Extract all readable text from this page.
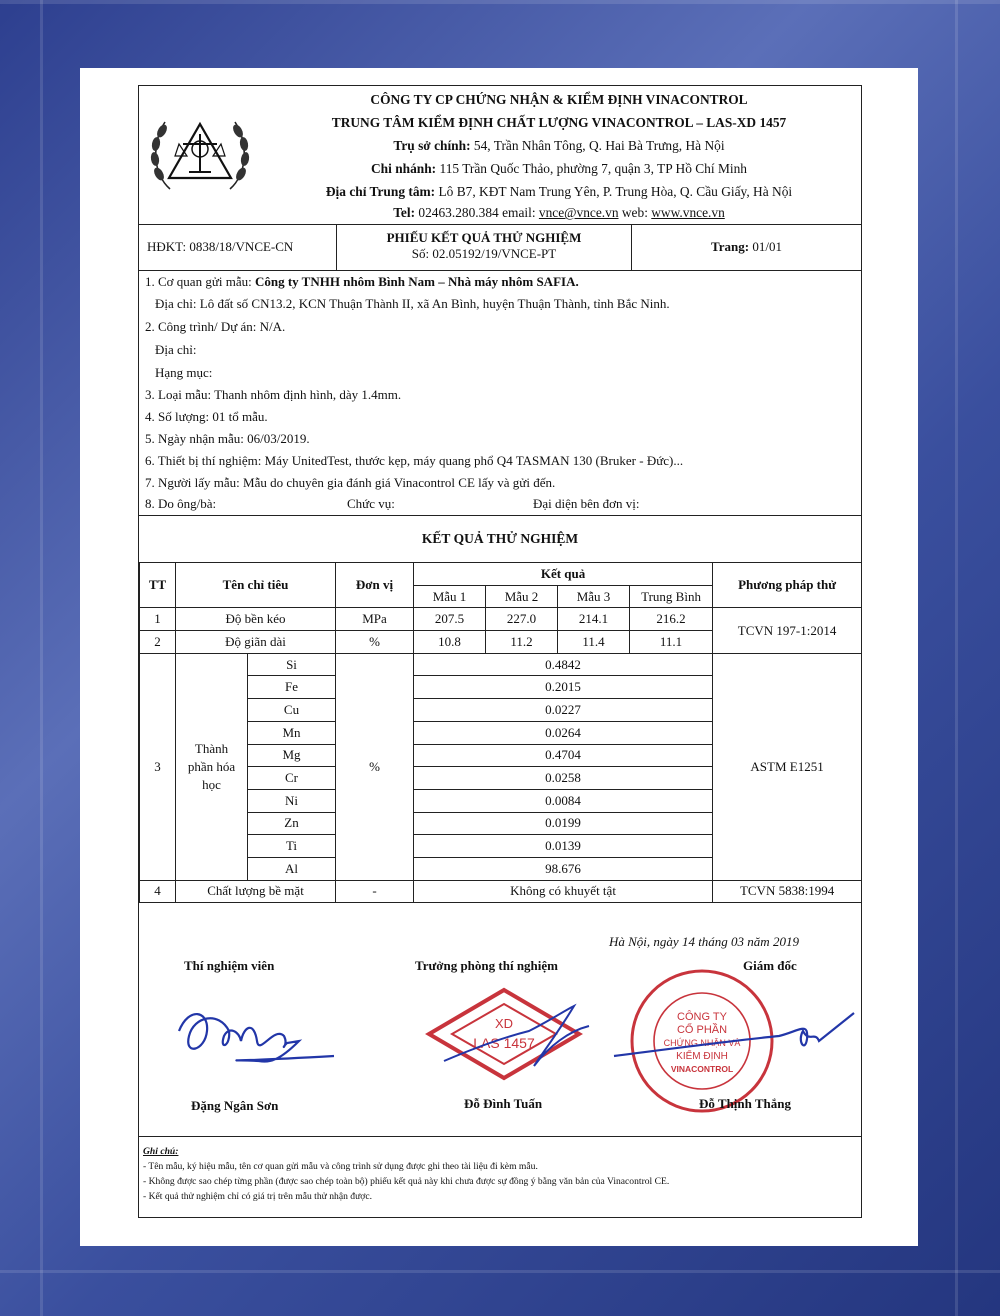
CÔNG TY CP CHỨNG NHẬN & KIỂM ĐỊNH VINACONTROL
TRUNG TÂM KIỂM ĐỊNH CHẤT LƯỢNG VINACONTROL – LAS-XD 1457
Trụ sở chính: 54, Trần Nhân Tông, Q. Hai Bà Trưng, Hà Nội
Chi nhánh: 115 Trần Quốc Thảo, phường 7, quận 3, TP Hồ Chí Minh
Địa chỉ Trung tâm: Lô B7, KĐT Nam Trung Yên, P. Trung Hòa, Q. Cầu Giấy, Hà Nội
Tel: 02463.280.384 email: vnce@vnce.vn web: www.vnce.vn
HĐKT: 0838/18/VNCE-CN
PHIẾU KẾT QUẢ THỬ NGHIỆM
Số: 02.05192/19/VNCE-PT	Trang: 01/01
1. Cơ quan gửi mẫu: Công ty TNHH nhôm Bình Nam – Nhà máy nhôm SAFIA.
Địa chỉ: Lô đất số CN13.2, KCN Thuận Thành II, xã An Bình, huyện Thuận Thành, tỉnh Bắc Ninh.
2. Công trình/ Dự án: N/A.
Địa chỉ:
Hạng mục:
3. Loại mẫu: Thanh nhôm định hình, dày 1.4mm.
4. Số lượng: 01 tổ mẫu.
5. Ngày nhận mẫu: 06/03/2019.
6. Thiết bị thí nghiệm: Máy UnitedTest, thước kẹp, máy quang phổ Q4 TASMAN 130 (Bruker - Đức)...
7. Người lấy mẫu: Mẫu do chuyên gia đánh giá Vinacontrol CE lấy và gửi đến.
8. Do ông/bà:	Chức vụ:	Đại diện bên đơn vị:
KẾT QUẢ THỬ NGHIỆM
TT	Tên chỉ tiêu		Đơn vị	Kết quả				Phương pháp thử
				Mẫu 1	Mẫu 2	Mẫu 3	Trung Bình	
1	Độ bền kéo		MPa	207.5	227.0	214.1	216.2	TCVN 197-1:2014
2	Độ giãn dài		%	10.8	11.2	11.4	11.1	
3	Thành phần hóa học	Si	%	0.4842				ASTM E1251
		Fe		0.2015				
		Cu		0.0227				
		Mn		0.0264				
		Mg		0.4704				
		Cr		0.0258				
		Ni		0.0084				
		Zn		0.0199				
		Ti		0.0139				
		Al		98.676				
4	Chất lượng bề mặt		-	Không có khuyết tật				TCVN 5838:1994
Hà Nội, ngày 14 tháng 03 năm 2019
Thí nghiệm viên	Trưởng phòng thí nghiệm	Giám đốc
XD
LAS 1457
CÔNG TY
CỔ PHẦN
CHỨNG NHẬN VÀ
KIỂM ĐỊNH
VINACONTROL
Đặng Ngân Sơn	Đỗ Đình Tuấn	Đỗ Thịnh Thắng
Ghi chú:
- Tên mẫu, ký hiệu mẫu, tên cơ quan gửi mẫu và công trình sử dụng được ghi theo tài liệu đi kèm mẫu.
- Không được sao chép từng phần (được sao chép toàn bộ) phiếu kết quả này khi chưa được sự đồng ý bằng văn bản của Vinacontrol CE.
- Kết quả thử nghiệm chỉ có giá trị trên mẫu thử nhận được.
